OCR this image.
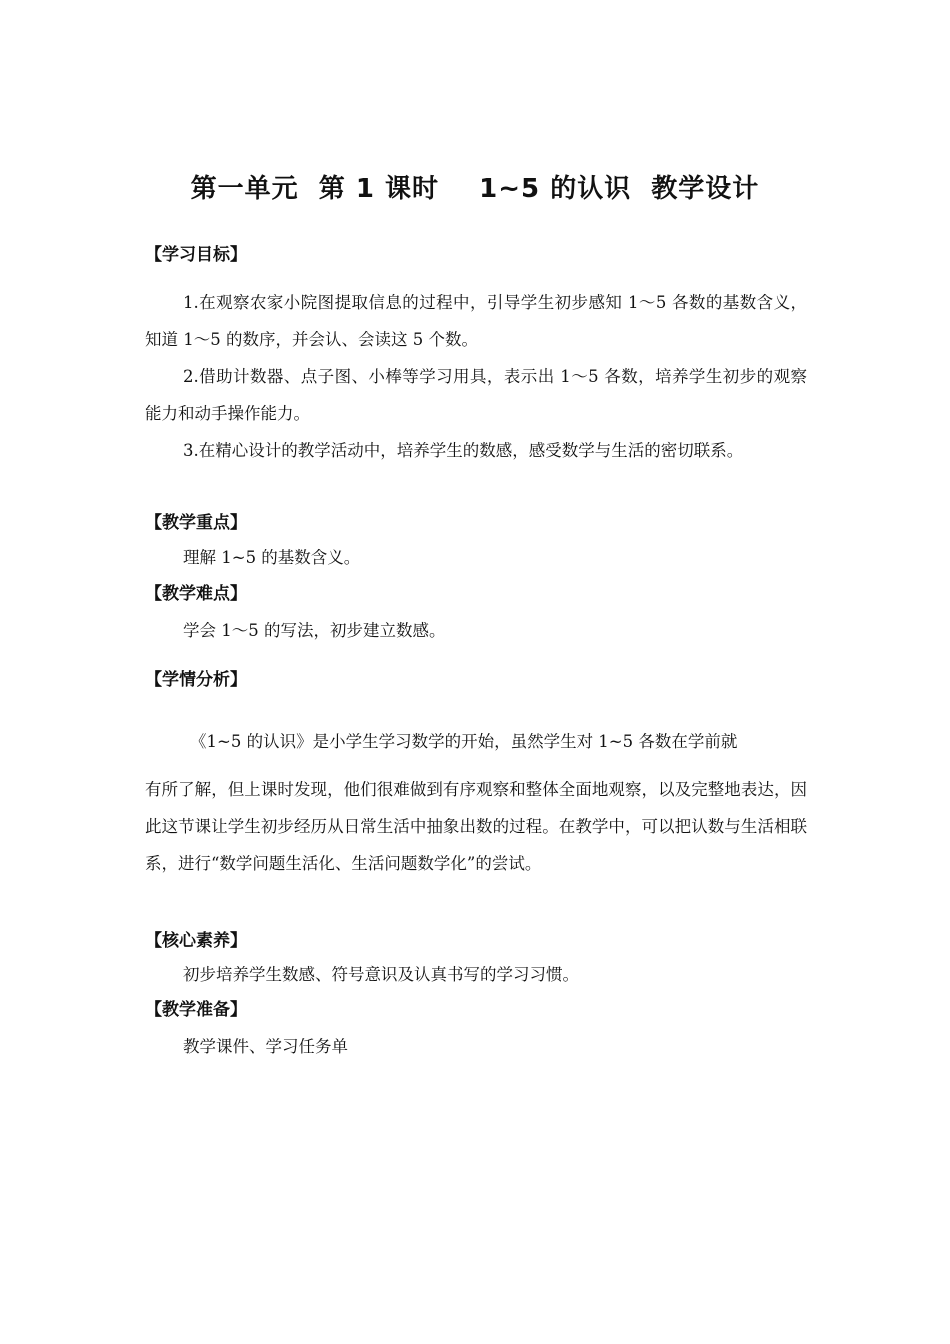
第一单元  第 1 课时    1~5 的认识  教学设计
【学习目标】

1.在观察农家小院图提取信息的过程中，引导学生初步感知 1～5 各数的基数含义，知道 1～5 的数序，并会认、会读这 5 个数。

2.借助计数器、点子图、小棒等学习用具，表示出 1～5 各数，培养学生初步的观察能力和动手操作能力。

3.在精心设计的教学活动中，培养学生的数感，感受数学与生活的密切联系。

【教学重点】
理解 1~5 的基数含义。
【教学难点】
学会 1～5 的写法，初步建立数感。
【学情分析】
《1~5 的认识》是小学生学习数学的开始，虽然学生对 1~5 各数在学前就

有所了解，但上课时发现，他们很难做到有序观察和整体全面地观察，以及完整地表达，因此这节课让学生初步经历从日常生活中抽象出数的过程。在教学中，可以把认数与生活相联系，进行“数学问题生活化、生活问题数学化”的尝试。

【核心素养】
初步培养学生数感、符号意识及认真书写的学习习惯。
【教学准备】
教学课件、学习任务单
